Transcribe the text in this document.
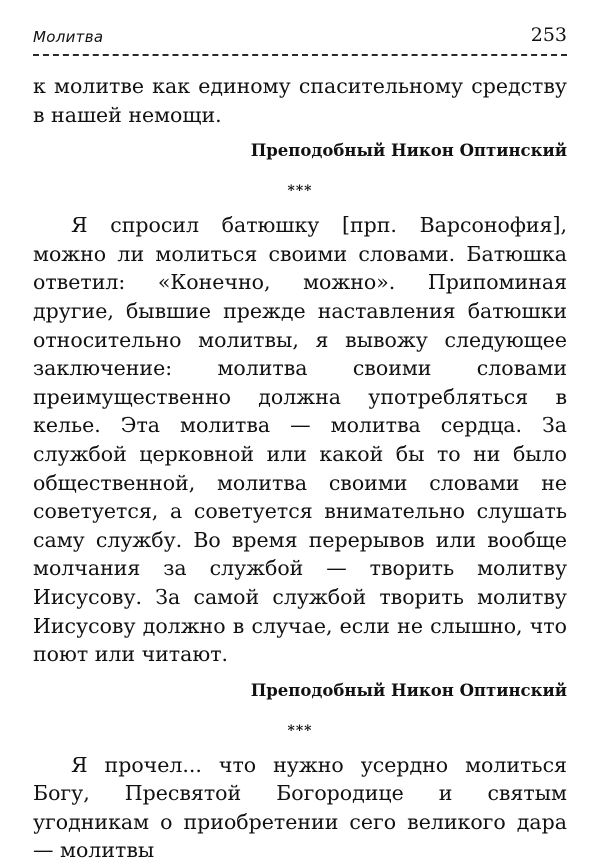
Молитва	253

к молитве как единому спасительному средству в нашей немощи.

Преподобный Никон Оптинский

***

Я спросил батюшку [прп. Варсонофия], можно ли молиться своими словами. Батюшка ответил: «Конечно, можно». Припоминая другие, бывшие прежде наставления батюшки относительно молитвы, я вывожу следующее заключение: молитва своими словами преимущественно должна употребляться в келье. Эта молитва — молитва сердца. За службой церковной или какой бы то ни было общественной, молитва своими словами не советуется, а советуется внимательно слушать саму службу. Во время перерывов или вообще молчания за службой — творить молитву Иисусову. За самой службой творить молитву Иисусову должно в случае, если не слышно, что поют или читают.

Преподобный Никон Оптинский

***

Я прочел... что нужно усердно молиться Богу, Пресвятой Богородице и святым угодникам о приобретении сего великого дара — молитвы
